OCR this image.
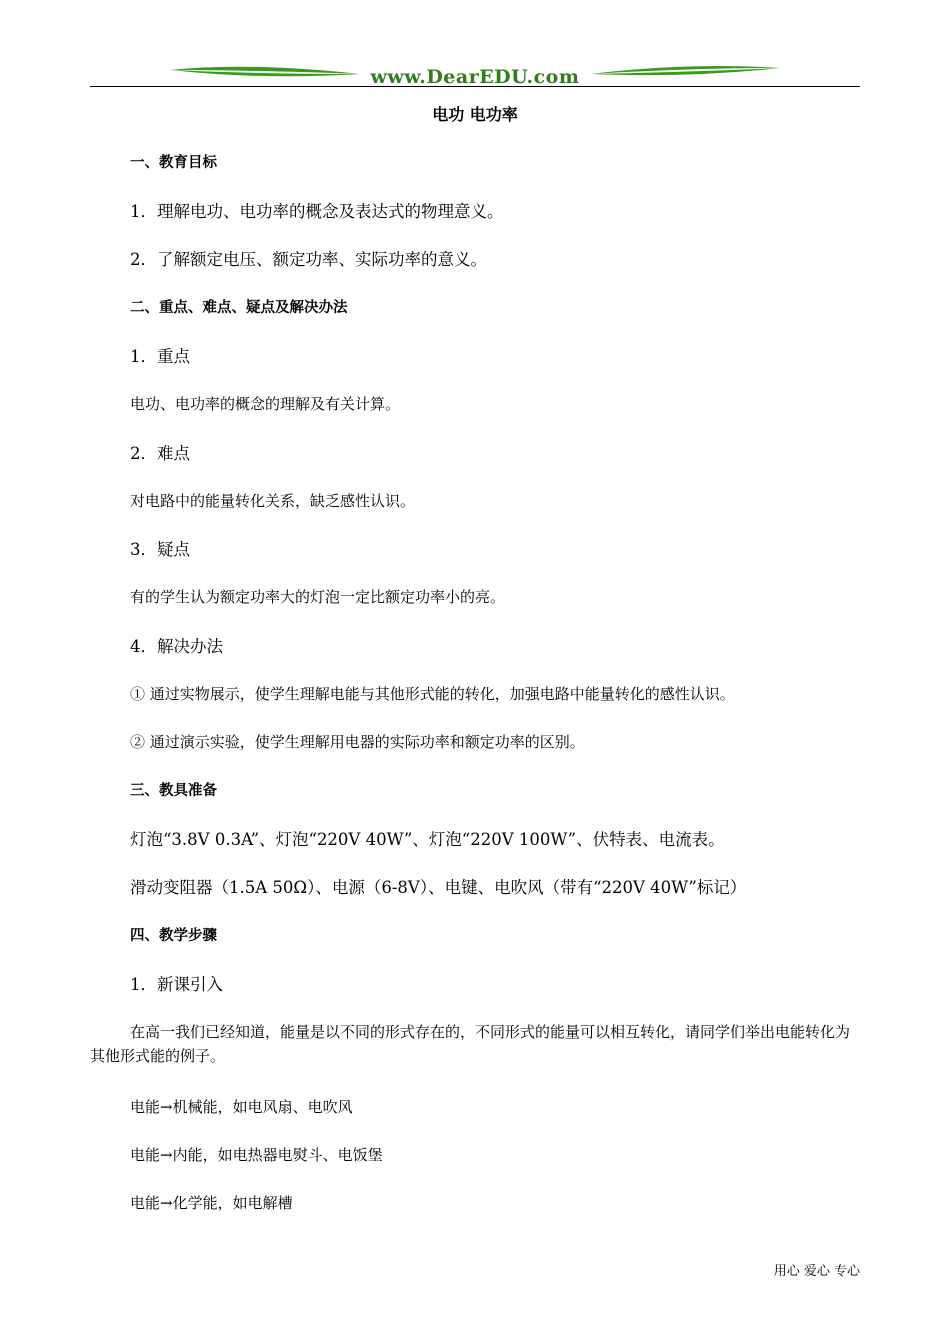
www.DearEDU.com
电功 电功率
一、教育目标
1．理解电功、电功率的概念及表达式的物理意义。
2．了解额定电压、额定功率、实际功率的意义。
二、重点、难点、疑点及解决办法
1．重点
电功、电功率的概念的理解及有关计算。
2．难点
对电路中的能量转化关系，缺乏感性认识。
3．疑点
有的学生认为额定功率大的灯泡一定比额定功率小的亮。
4．解决办法
① 通过实物展示，使学生理解电能与其他形式能的转化，加强电路中能量转化的感性认识。
② 通过演示实验，使学生理解用电器的实际功率和额定功率的区别。
三、教具准备
灯泡“3.8V 0.3A”、灯泡“220V 40W”、灯泡“220V 100W”、伏特表、电流表。
滑动变阻器（1.5A 50Ω）、电源（6-8V）、电键、电吹风（带有“220V 40W”标记）
四、教学步骤
1．新课引入
在高一我们已经知道，能量是以不同的形式存在的，不同形式的能量可以相互转化，请同学们举出电能转化为其他形式能的例子。
电能→机械能，如电风扇、电吹风
电能→内能，如电热器电熨斗、电饭堡
电能→化学能，如电解槽
用心 爱心 专心
